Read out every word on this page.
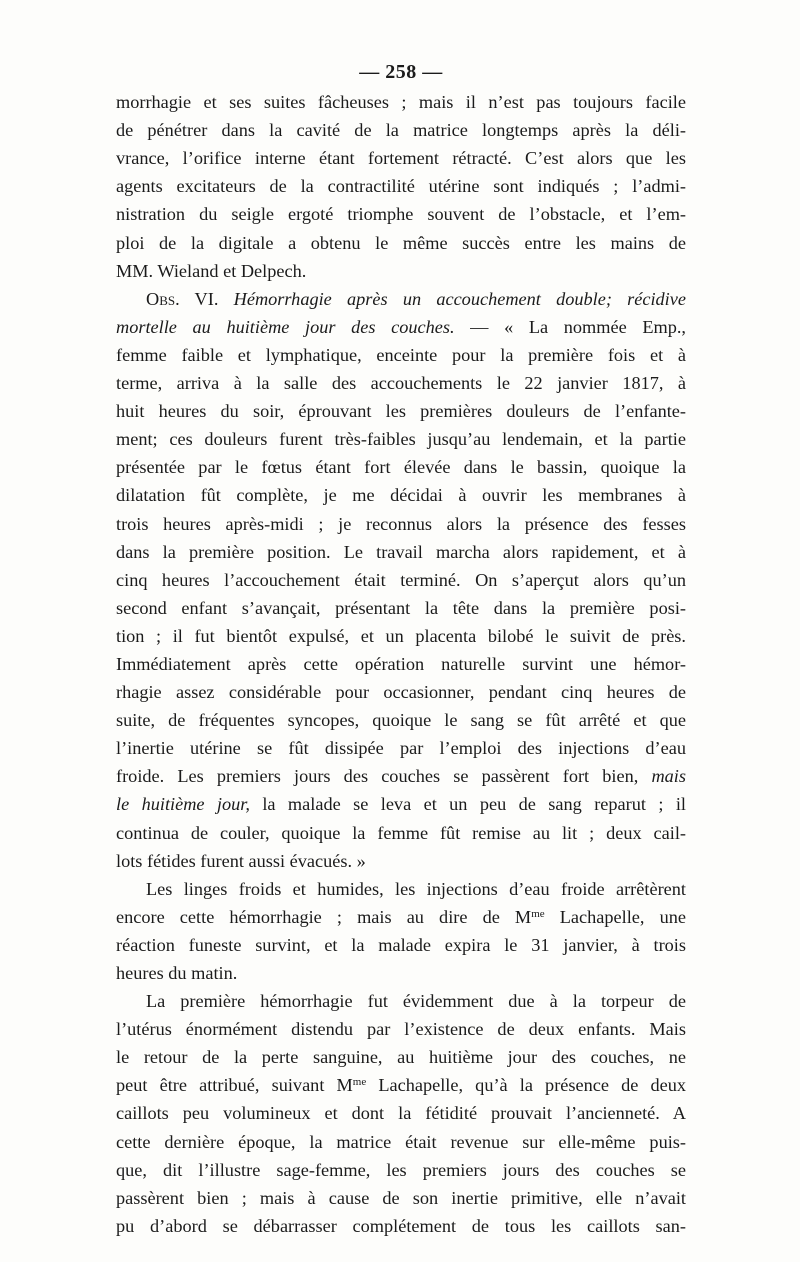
— 258 —
morrhagie et ses suites fâcheuses ; mais il n’est pas toujours facile
de pénétrer dans la cavité de la matrice longtemps après la déli-
vrance, l’orifice interne étant fortement rétracté. C’est alors que les
agents excitateurs de la contractilité utérine sont indiqués ; l’admi-
nistration du seigle ergoté triomphe souvent de l’obstacle, et l’em-
ploi de la digitale a obtenu le même succès entre les mains de
MM. Wieland et Delpech.
Obs. VI. Hémorrhagie après un accouchement double; récidive
mortelle au huitième jour des couches. — « La nommée Emp.,
femme faible et lymphatique, enceinte pour la première fois et à
terme, arriva à la salle des accouchements le 22 janvier 1817, à
huit heures du soir, éprouvant les premières douleurs de l’enfante-
ment; ces douleurs furent très-faibles jusqu’au lendemain, et la partie
présentée par le fœtus étant fort élevée dans le bassin, quoique la
dilatation fût complète, je me décidai à ouvrir les membranes à
trois heures après-midi ; je reconnus alors la présence des fesses
dans la première position. Le travail marcha alors rapidement, et à
cinq heures l’accouchement était terminé. On s’aperçut alors qu’un
second enfant s’avançait, présentant la tête dans la première posi-
tion ; il fut bientôt expulsé, et un placenta bilobé le suivit de près.
Immédiatement après cette opération naturelle survint une hémor-
rhagie assez considérable pour occasionner, pendant cinq heures de
suite, de fréquentes syncopes, quoique le sang se fût arrêté et que
l’inertie utérine se fût dissipée par l’emploi des injections d’eau
froide. Les premiers jours des couches se passèrent fort bien, mais
le huitième jour, la malade se leva et un peu de sang reparut ; il
continua de couler, quoique la femme fût remise au lit ; deux cail-
lots fétides furent aussi évacués. »
Les linges froids et humides, les injections d’eau froide arrêtèrent
encore cette hémorrhagie ; mais au dire de $M^{me}$ Lachapelle, une
réaction funeste survint, et la malade expira le 31 janvier, à trois
heures du matin.
La première hémorrhagie fut évidemment due à la torpeur de
l’utérus énormément distendu par l’existence de deux enfants. Mais
le retour de la perte sanguine, au huitième jour des couches, ne
peut être attribué, suivant $M^{me}$ Lachapelle, qu’à la présence de deux
caillots peu volumineux et dont la fétidité prouvait l’ancienneté. A
cette dernière époque, la matrice était revenue sur elle-même puis-
que, dit l’illustre sage-femme, les premiers jours des couches se
passèrent bien ; mais à cause de son inertie primitive, elle n’avait
pu d’abord se débarrasser complétement de tous les caillots san-
